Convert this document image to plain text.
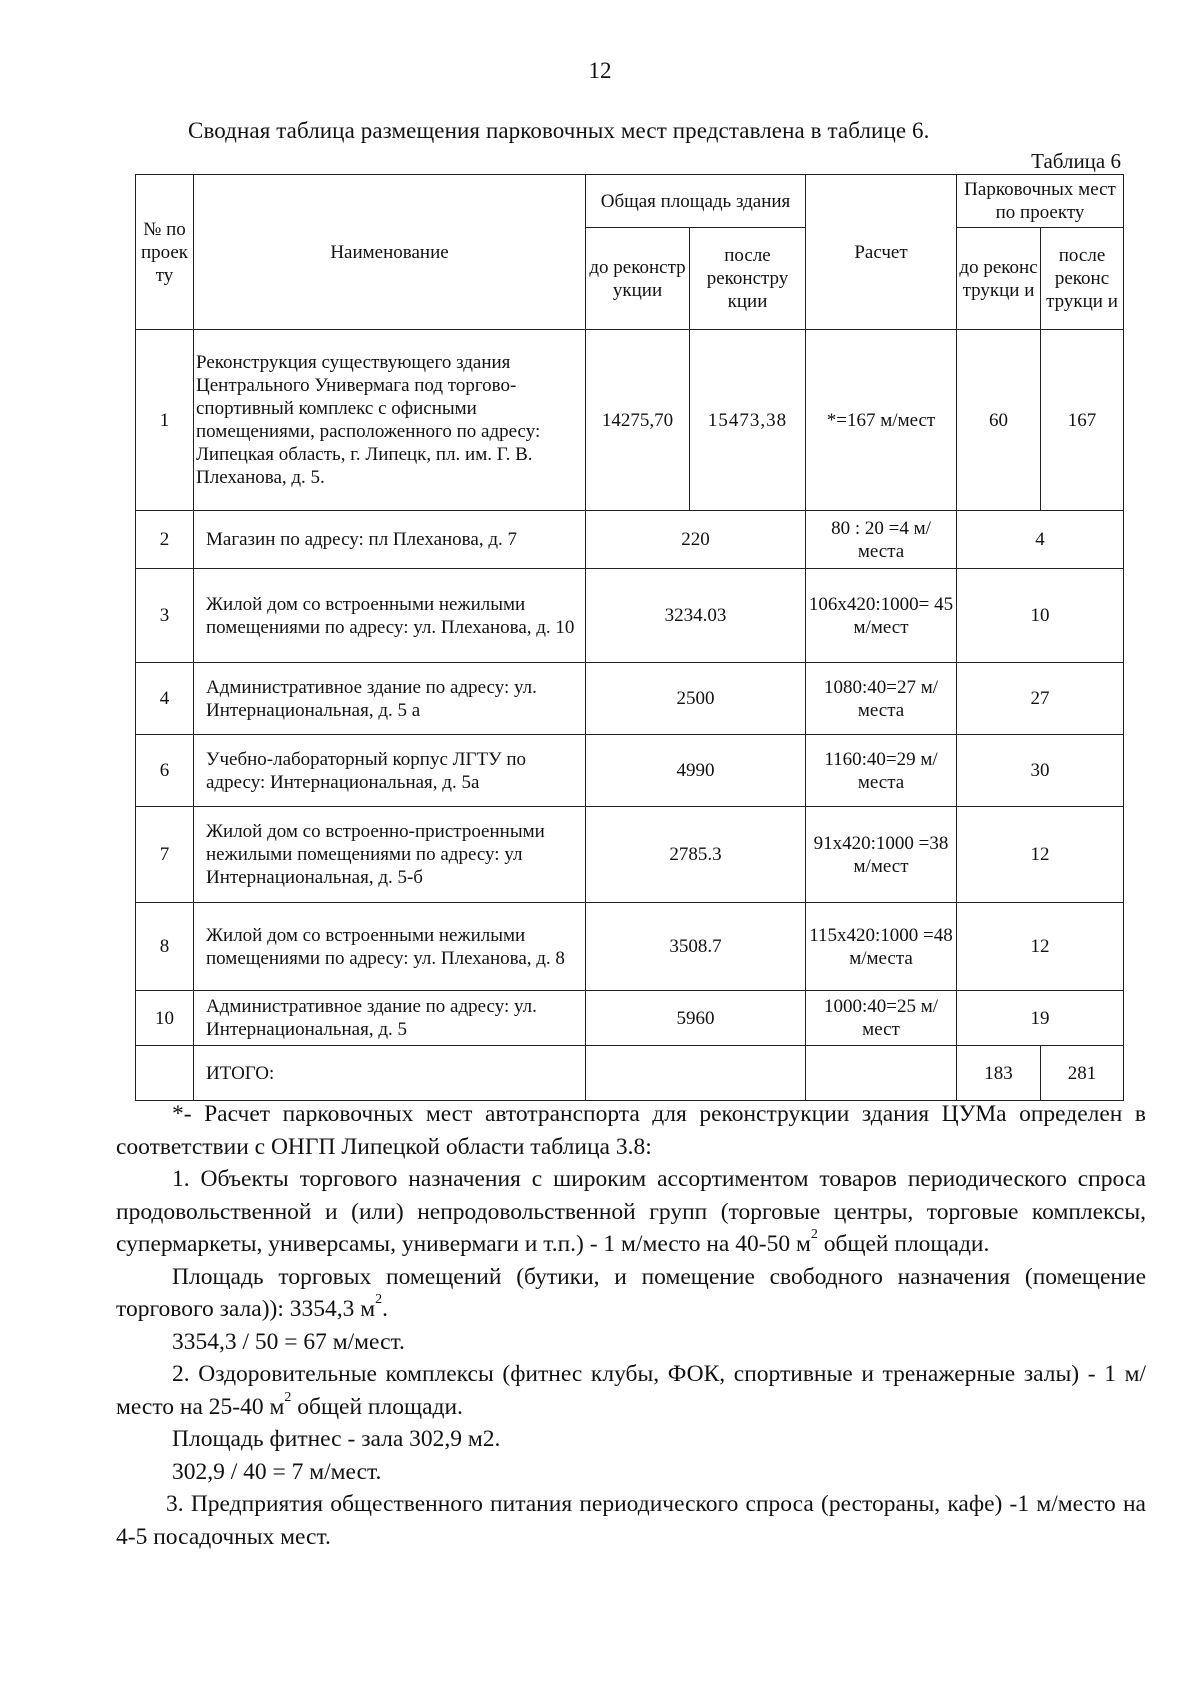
12
Сводная таблица размещения парковочных мест представлена в таблице 6.
Таблица 6
№ по проек ту	Наименование	Общая площадь здания		Расчет	Парковочных мест по проекту	
		до реконстр укции	после реконстру кции		до реконс трукци и	после реконс трукци и
1	Реконструкция существующего здания Центрального Универмага под торгово-спортивный комплекс с офисными помещениями, расположенного по адресу: Липецкая область, г. Липецк, пл. им. Г. В. Плеханова, д. 5.	14275,70	15473,38	*=167 м/мест	60	167
2	Магазин по адресу: пл Плеханова, д. 7	220		80 : 20 =4 м/места	4	
3	Жилой дом со встроенными нежилыми помещениями по адресу: ул. Плеханова, д. 10	3234.03		106х420:1000= 45 м/мест	10	
4	Административное здание по адресу: ул. Интернациональная, д. 5 а	2500		1080:40=27 м/места	27	
6	Учебно-лабораторный корпус ЛГТУ по адресу: Интернациональная, д. 5а	4990		1160:40=29 м/места	30	
7	Жилой дом со встроенно-пристроенными нежилыми помещениями по адресу: ул Интернациональная, д. 5-б	2785.3		91х420:1000 =38 м/мест	12	
8	Жилой дом со встроенными нежилыми помещениями по адресу: ул. Плеханова, д. 8	3508.7		115х420:1000 =48 м/места	12	
10	Административное здание по адресу: ул. Интернациональная, д. 5	5960		1000:40=25 м/мест	19	
	ИТОГО:				183	281

*- Расчет парковочных мест автотранспорта для реконструкции здания ЦУМа определен в соответствии с ОНГП Липецкой области таблица 3.8:

1. Объекты торгового назначения с широким ассортиментом товаров периодического спроса продовольственной и (или) непродовольственной групп (торговые центры, торговые комплексы, супермаркеты, универсамы, универмаги и т.п.) - 1 м/место на 40-50 $м^2$ общей площади.

Площадь торговых помещений (бутики, и помещение свободного назначения (помещение торгового зала)): 3354,3 $м^2$.

3354,3 / 50 = 67 м/мест.

2. Оздоровительные комплексы (фитнес клубы, ФОК, спортивные и тренажерные залы) - 1 м/место на 25-40 $м^2$ общей площади.

Площадь фитнес - зала 302,9 м2.

302,9 / 40 = 7 м/мест.

3. Предприятия общественного питания периодического спроса (рестораны, кафе) -1 м/место на 4-5 посадочных мест.
